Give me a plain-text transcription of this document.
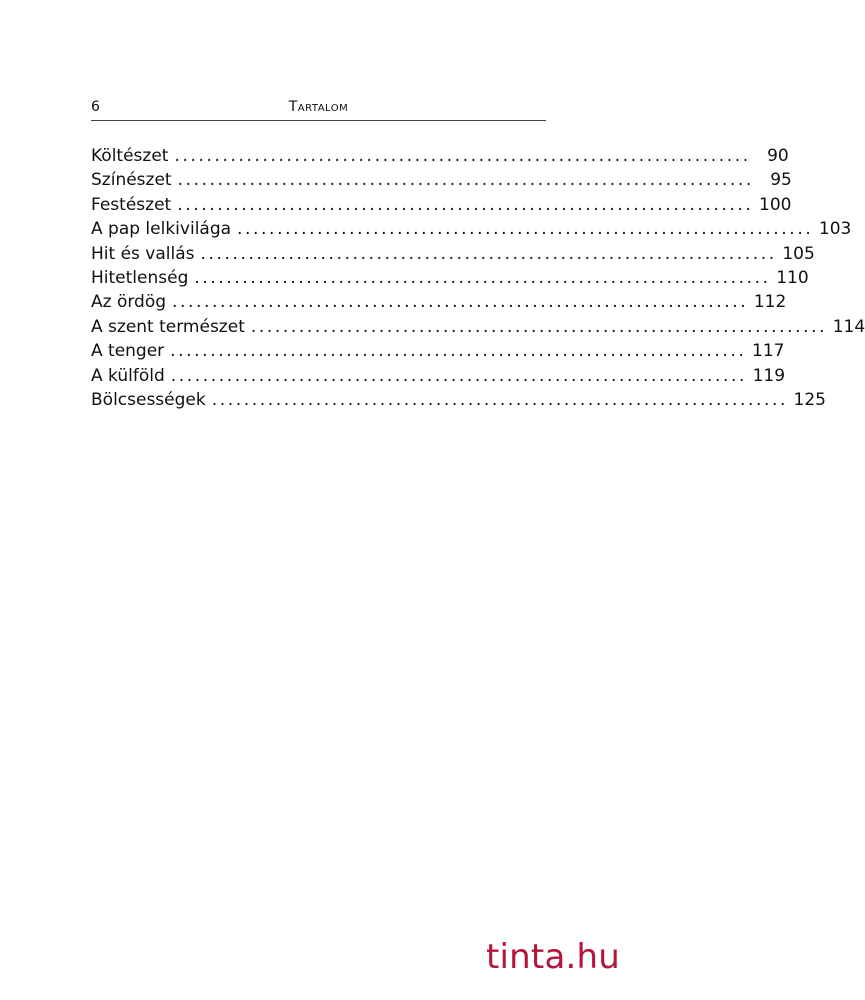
6	Tartalom
Költészet ........................................................................ 90
Színészet ........................................................................ 95
Festészet ........................................................................ 100
A pap lelkivilága ........................................................................ 103
Hit és vallás ........................................................................ 105
Hitetlenség ........................................................................ 110
Az ördög ........................................................................ 112
A szent természet ........................................................................ 114
A tenger ........................................................................ 117
A külföld ........................................................................ 119
Bölcsességek ........................................................................ 125
tinta.hu
